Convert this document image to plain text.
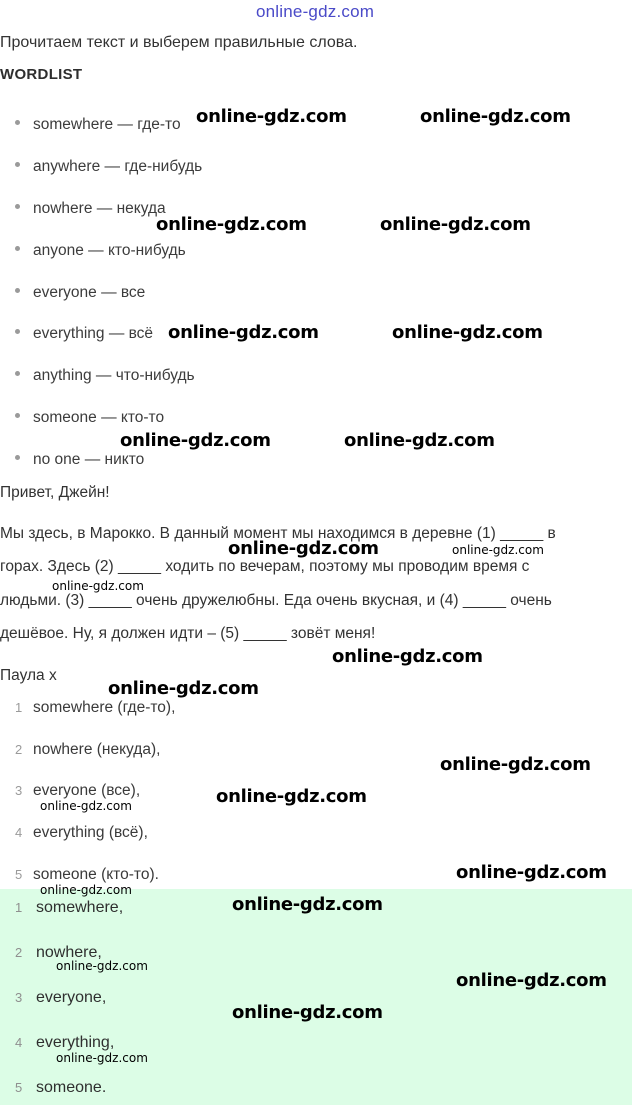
online-gdz.com
Прочитаем текст и выберем правильные слова.
WORDLIST
somewhere — где-то
anywhere — где-нибудь
nowhere — некуда
anyone — кто-нибудь
everyone — все
everything — всё
anything — что-нибудь
someone — кто-то
no one — никто
Привет, Джейн!
Мы здесь, в Марокко. В данный момент мы находимся в деревне (1) _____ в
горах. Здесь (2) _____ ходить по вечерам, поэтому мы проводим время с
людьми. (3) _____ очень дружелюбны. Еда очень вкусная, и (4) _____ очень
дешёвое. Ну, я должен идти – (5) _____ зовёт меня!
Паула x
1 somewhere (где-то),
2 nowhere (некуда),
3 everyone (все),
4 everything (всё),
5 someone (кто-то).
1 somewhere,
2 nowhere,
3 everyone,
4 everything,
5 someone.
online-gdz.com	online-gdz.com
online-gdz.com	online-gdz.com
online-gdz.com	online-gdz.com
online-gdz.com	online-gdz.com
online-gdz.com	online-gdz.com
online-gdz.com
online-gdz.com
online-gdz.com
online-gdz.com
online-gdz.com
online-gdz.com
online-gdz.com
online-gdz.com
online-gdz.com
online-gdz.com
online-gdz.com
online-gdz.com
online-gdz.com
